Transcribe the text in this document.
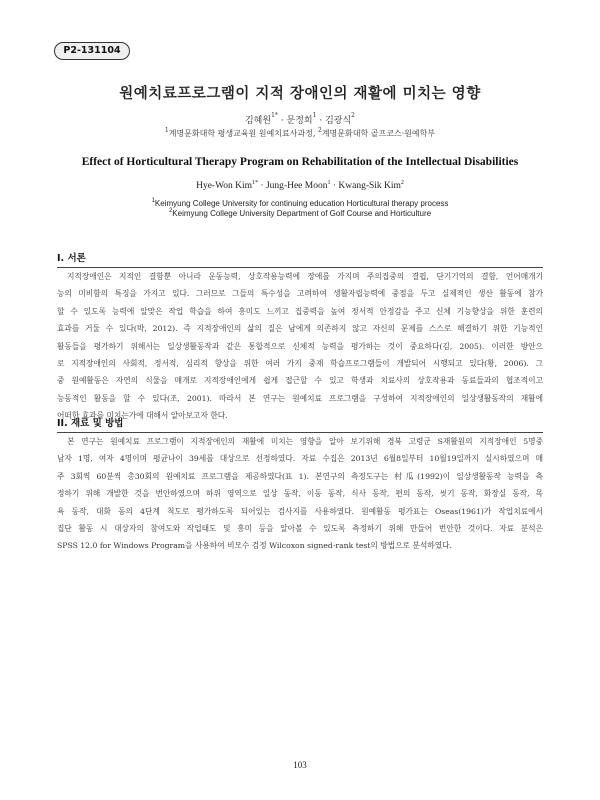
P2-131104
원예치료프로그램이 지적 장애인의 재활에 미치는 영향
김혜원$^{1*}$ · 문정희$^1$ · 김광식$^2$
$^1$계명문화대학 평생교육원 원예치료사과정, $^2$계명문화대학 골프코스·원예학부
Effect of Horticultural Therapy Program on Rehabilitation of the Intellectual Disabilities
Hye-Won Kim$^{1*}$ · Jung-Hee Moon$^1$ · Kwang-Sik Kim$^2$
$^1$Keimyung College University for continuing education Horticultural therapy process
$^2$Keimyung College University Department of Golf Course and Horticulture
I. 서론
지적장애인은 지적인 결함뿐 아니라 운동능력, 상호작용능력에 장애를 가지며 주의집중의 결핍, 단기기억의 결함, 언어매개기
능의 미비함의 특징을 가지고 있다. 그러므로 그들의 특수성을 고려하여 생활자립능력에 중점을 두고 실제적인 생산 활동에 참가
할 수 있도록 능력에 알맞은 작업 학습을 하여 흥미도 느끼고 집중력을 높여 정서적 안정감을 주고 신체 기능향상을 위한 훈련의
효과를 거둘 수 있다(박, 2012). 즉 지적장애인의 삶의 질은 남에게 의존하지 않고 자신의 문제를 스스로 해결하기 위한 기능적인
활동들을 평가하기 위해서는 일상생활동작과 같은 통합적으로 신체적 능력을 평가하는 것이 중요하다(김, 2005). 이러한 방안으
로 지적장애인의 사회적, 정서적, 심리적 향상을 위한 여러 가지 중재 학습프로그램들이 개발되어 시행되고 있다(황, 2006). 그
중 원예활동은 자연의 식물을 매개로 지적장애인에게 쉽게 접근할 수 있고 학생과 치료사의 상호작용과 동료들과의 협조적이고
능동적인 활동을 할 수 있다(조, 2001). 따라서 본 연구는 원예치료 프로그램을 구성하여 지적장애인의 일상생활동작의 재활에
어떠한 효과를 미치는가에 대해서 알아보고자 한다.
II. 재료 및 방법
본 연구는 원예치료 프로그램이 지적장애인의 재활에 미치는 영향을 알아 보기위해 경북 고령군 S재활원의 지적장애인 5명중
남자 1명, 여자 4명이며 평균나이 39세를 대상으로 선정하였다. 자료 수집은 2013년 6월8일부터 10월19일까지 실시하였으며 매
주 3회씩 60분씩 총30회의 원예치료 프로그램을 제공하였다(표 1). 본연구의 측정도구는 村瓜(1992)이 일상생활동작 능력을 측
정하기 위해 개발한 것을 번안하였으며 하위 영역으로 일상 동작, 이동 동작, 식사 동작, 편의 동작, 씻기 동작, 화장실 동작, 목
욕 동작, 대화 동의 4단계 척도로 평가하도록 되어있는 검사지를 사용하였다. 원예활동 평가표는 Oseas(1961)가 작업치료에서
집단 활동 시 대상자의 참여도와 작업태도 및 흥미 등을 알아볼 수 있도록 측정하기 위해 만들어 번안한 것이다. 자료 분석은
SPSS 12.0 for Windows Program을 사용하여 비모수 검정 Wilcoxon signed-rank test의 방법으로 분석하였다.
103
